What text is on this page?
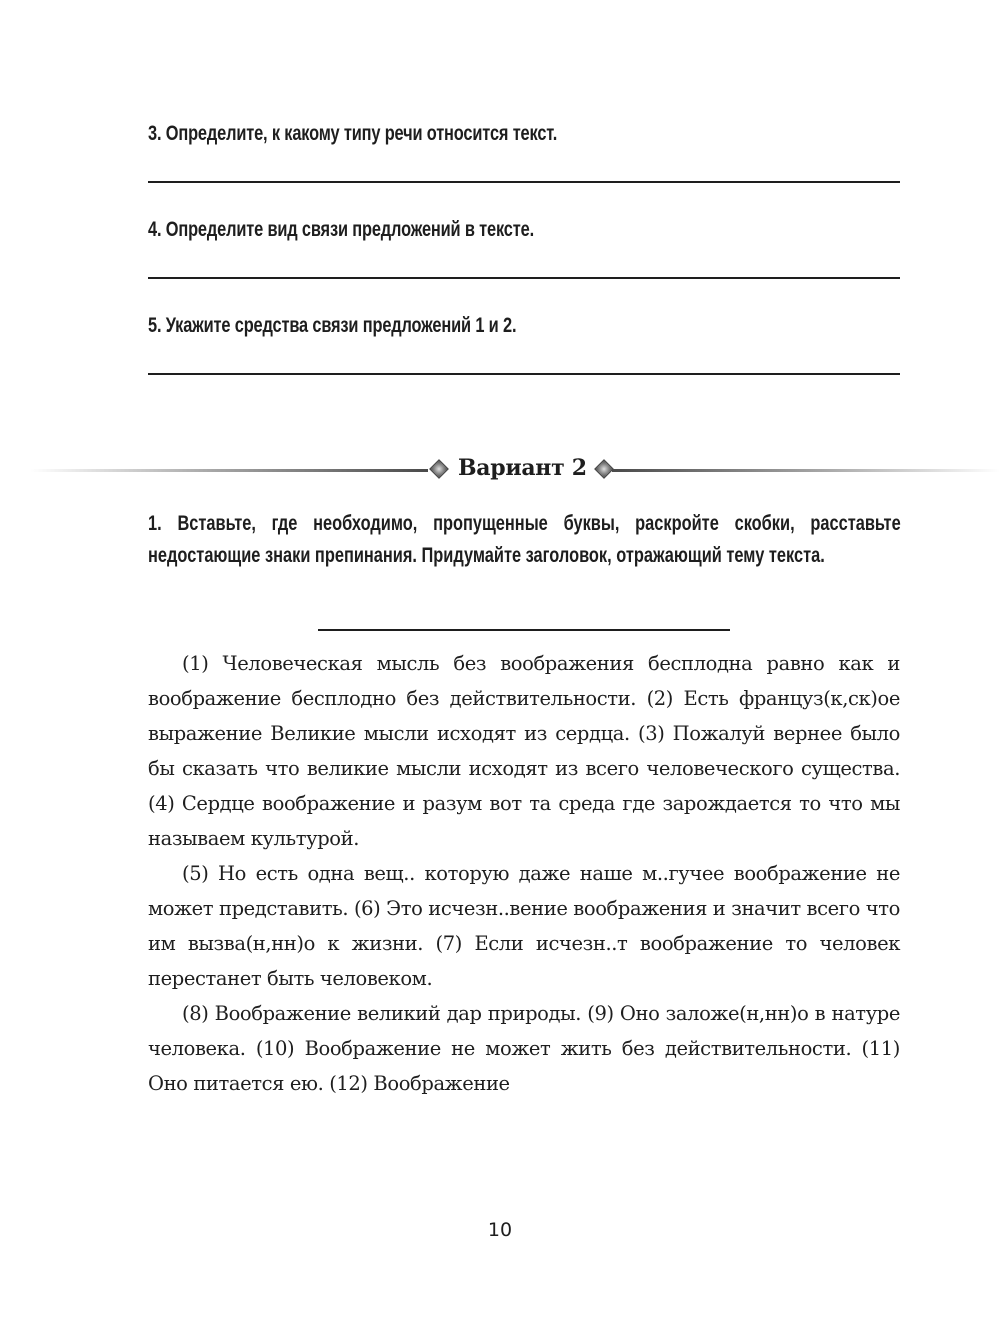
3. Определите, к какому типу речи относится текст.
4. Определите вид связи предложений в тексте.
5. Укажите средства связи предложений 1 и 2.
Вариант 2
1. Вставьте, где необходимо, пропущенные буквы, раскройте скобки, расставьте недостающие знаки препинания. Придумайте заголовок, отражающий тему текста.

(1) Человеческая мысль без воображения бесплодна равно как и воображение бесплодно без действительности. (2) Есть француз(к,ск)ое выражение Великие мысли исходят из сердца. (3) Пожалуй вернее было бы сказать что великие мысли исходят из всего человеческого существа. (4) Сердце воображение и разум вот та среда где зарождается то что мы называем культурой.

(5) Но есть одна вещ.. которую даже наше м..гучее воображение не может представить. (6) Это исчезн..вение воображения и значит всего что им вызва(н,нн)о к жизни. (7) Если исчезн..т воображение то человек перестанет быть человеком.

(8) Воображение великий дар природы. (9) Оно заложе(н,нн)о в натуре человека. (10) Воображение не может жить без действительности. (11) Оно питается ею. (12) Воображение

10
